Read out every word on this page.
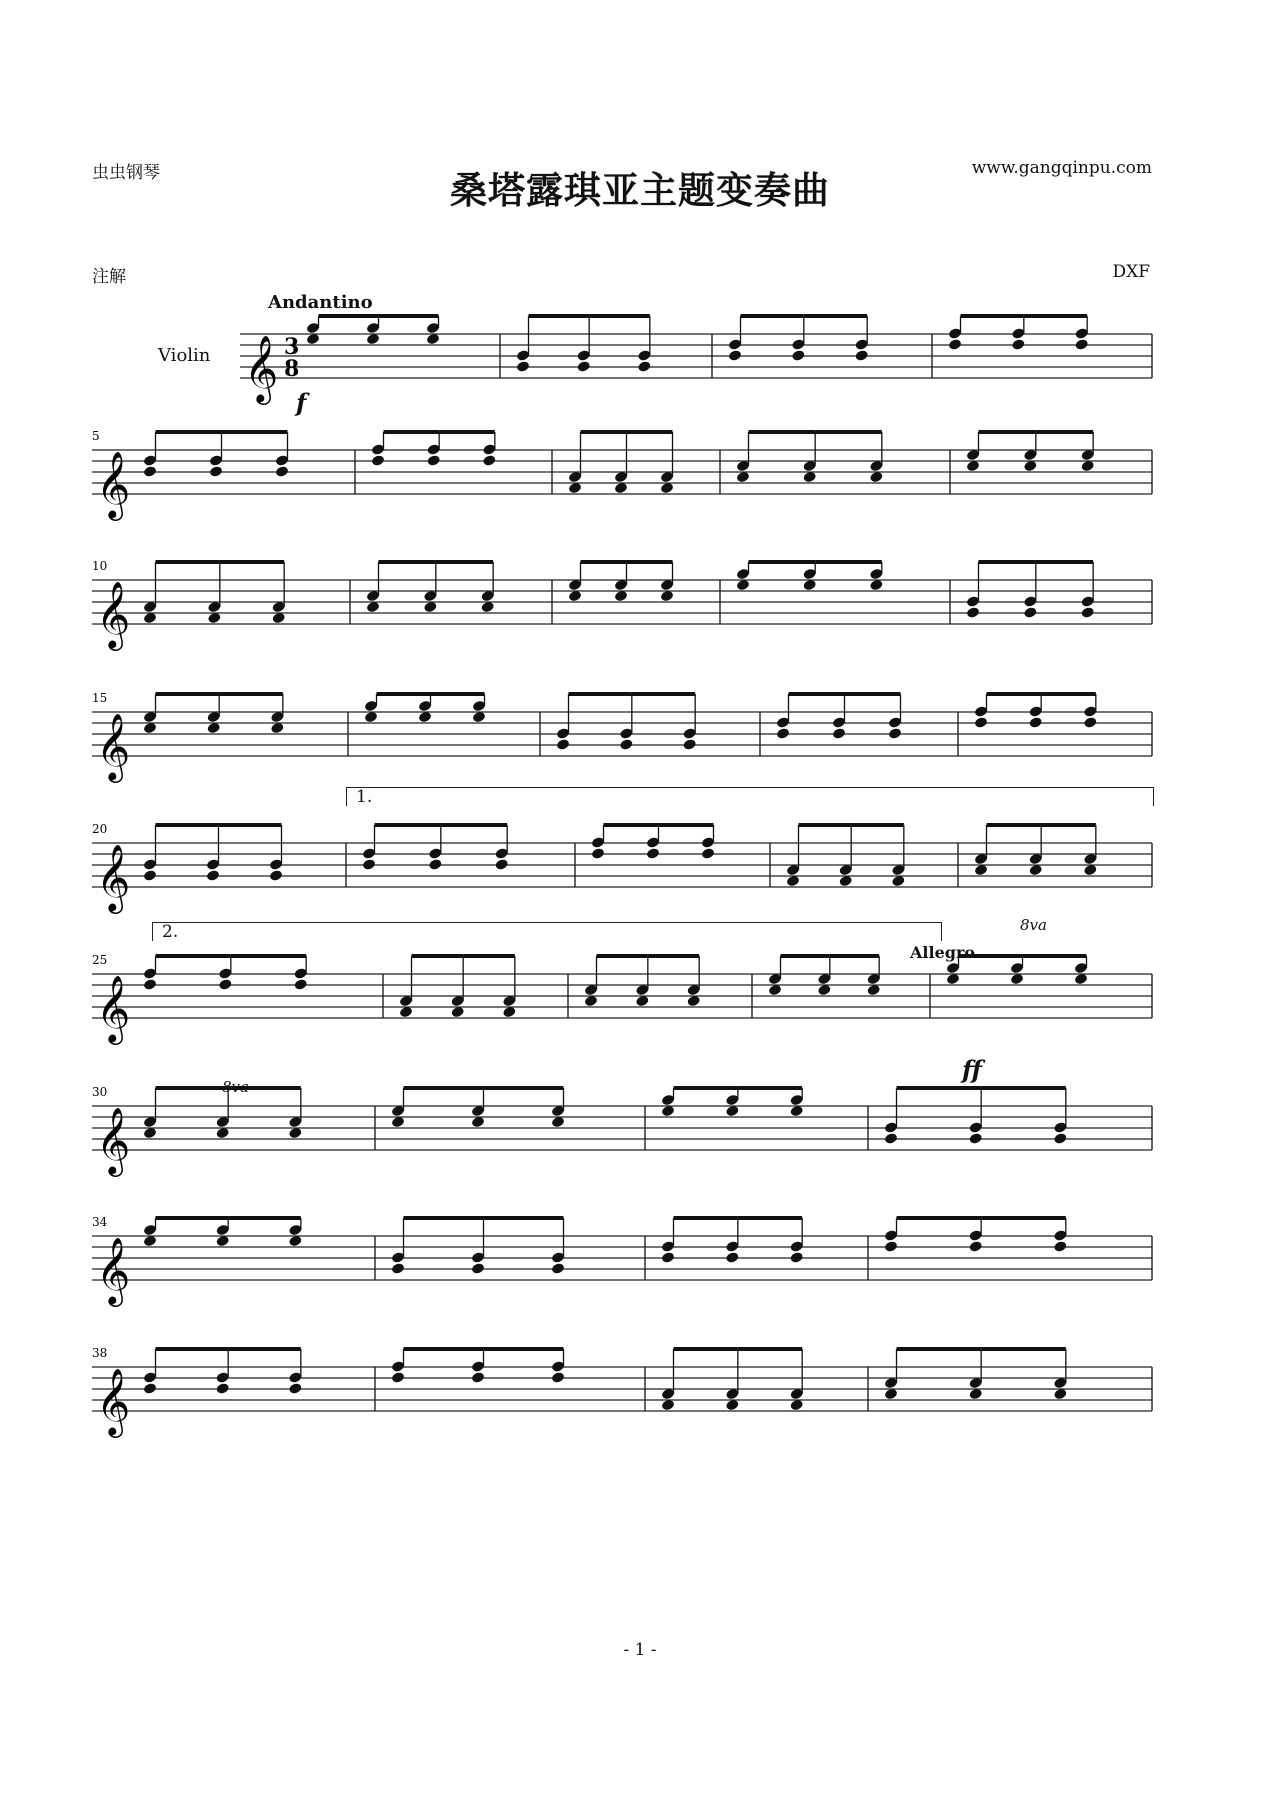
虫虫钢琴	桑塔露琪亚主题变奏曲
www.gangqinpu.com
注解	DXF
Andantino
Violin
- 1 -
𝄞 3
8
𝄞
5
𝄞
10
𝄞
15
𝄞
20
𝄞
25
𝄞
30
𝄞
34
𝄞
38
f
Allegro
ff
8va
8va
1.
2.
